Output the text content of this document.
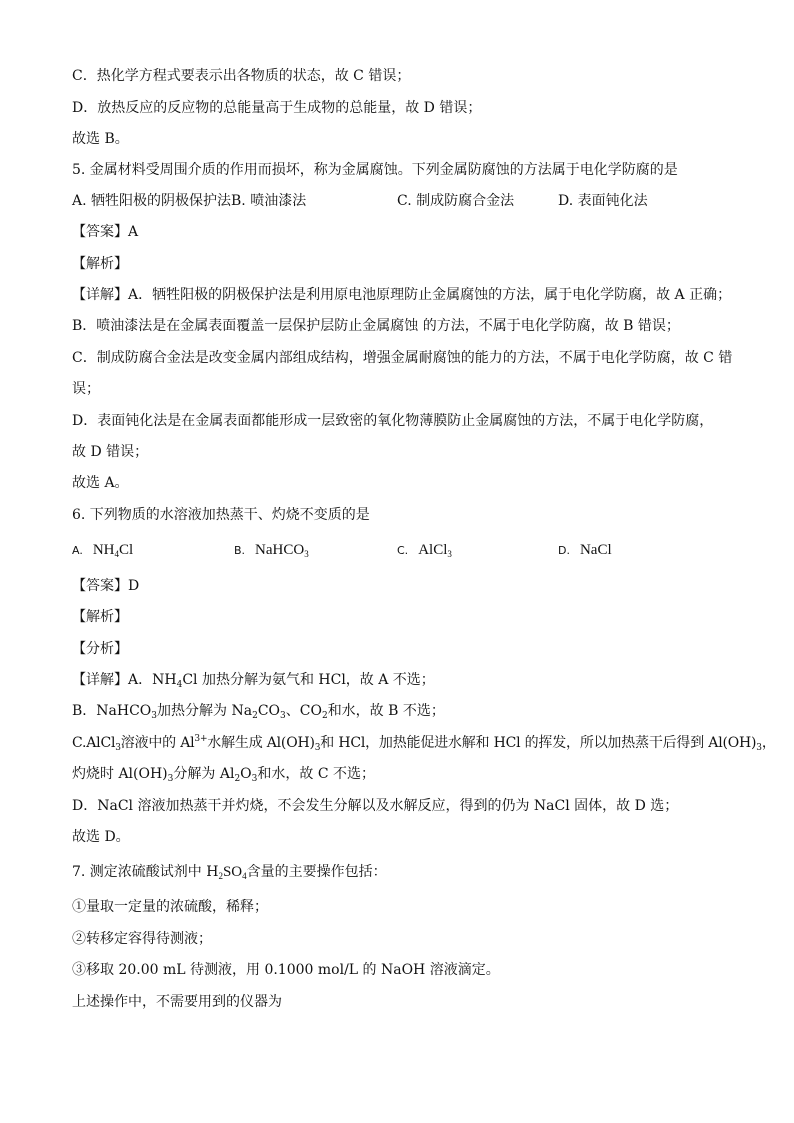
C．热化学方程式要表示出各物质的状态，故 C 错误；
D．放热反应的反应物的总能量高于生成物的总能量，故 D 错误；
故选 B。
5. 金属材料受周围介质的作用而损坏，称为金属腐蚀。下列金属防腐蚀的方法属于电化学防腐的是
A. 牺牲阳极的阴极保护法B. 喷油漆法	C. 制成防腐合金法	D. 表面钝化法
【答案】A
【解析】
【详解】A．牺牲阳极的阴极保护法是利用原电池原理防止金属腐蚀的方法，属于电化学防腐，故 A 正确；
B．喷油漆法是在金属表面覆盖一层保护层防止金属腐蚀 的方法，不属于电化学防腐，故 B 错误；
C．制成防腐合金法是改变金属内部组成结构，增强金属耐腐蚀的能力的方法，不属于电化学防腐，故 C 错
误；
D．表面钝化法是在金属表面都能形成一层致密的氧化物薄膜防止金属腐蚀的方法，不属于电化学防腐，
故 D 错误；
故选 A。
6. 下列物质的水溶液加热蒸干、灼烧不变质的是
A. $NH_4Cl$	B. NaHCO$_3$	C. AlCl$_3$	D. NaCl
【答案】D
【解析】
【分析】
【详解】A．$NH_4Cl$ 加热分解为氨气和 HCl，故 A 不选；
B．NaHCO$_3$加热分解为 $Na_2CO_3$、$CO_2$和水，故 B 不选；
C.AlCl$_3$溶液中的 $Al^{3+}$水解生成 $Al(OH)_3$和 HCl，加热能促进水解和 HCl 的挥发，所以加热蒸干后得到 $Al(OH)_3$，
灼烧时 $Al(OH)_3$分解为 $Al_2O_3$和水，故 C 不选；
D．NaCl 溶液加热蒸干并灼烧，不会发生分解以及水解反应，得到的仍为 NaCl 固体，故 D 选；
故选 D。
7. 测定浓硫酸试剂中 $H_2SO_4$含量的主要操作包括：
①量取一定量的浓硫酸，稀释；
②转移定容得待测液；
③移取 20.00 mL 待测液，用 0.1000 mol/L 的 NaOH 溶液滴定。
上述操作中，不需要用到的仪器为
